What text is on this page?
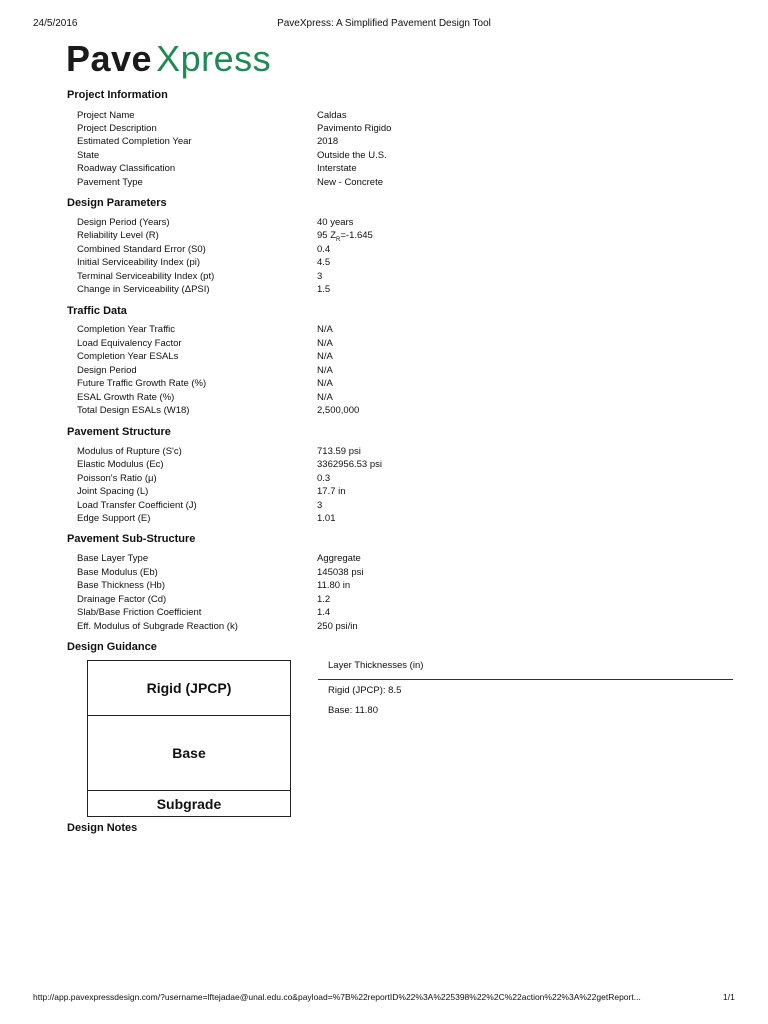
24/5/2016	PaveXpress: A Simplified Pavement Design Tool
Pave Xpress
Project Information
Project Name	Caldas
Project Description	Pavimento Rigido
Estimated Completion Year	2018
State	Outside the U.S.
Roadway Classification	Interstate
Pavement Type	New - Concrete
Design Parameters
Design Period (Years)	40 years
Reliability Level (R)	95 $Z_R=-1.645$
Combined Standard Error (S0)	0.4
Initial Serviceability Index (pi)	4.5
Terminal Serviceability Index (pt)	3
Change in Serviceability (ΔPSI)	1.5
Traffic Data
Completion Year Traffic	N/A
Load Equivalency Factor	N/A
Completion Year ESALs	N/A
Design Period	N/A
Future Traffic Growth Rate (%)	N/A
ESAL Growth Rate (%)	N/A
Total Design ESALs (W18)	2,500,000
Pavement Structure
Modulus of Rupture (S'c)	713.59 psi
Elastic Modulus (Ec)	3362956.53 psi
Poisson's Ratio (μ)	0.3
Joint Spacing (L)	17.7 in
Load Transfer Coefficient (J)	3
Edge Support (E)	1.01
Pavement Sub-Structure
Base Layer Type	Aggregate
Base Modulus (Eb)	145038 psi
Base Thickness (Hb)	11.80 in
Drainage Factor (Cd)	1.2
Slab/Base Friction Coefficient	1.4
Eff. Modulus of Subgrade Reaction (k)	250 psi/in
Design Guidance
Rigid (JPCP)
Base
Subgrade
Layer Thicknesses (in)
Rigid (JPCP): 8.5
Base: 11.80
Design Notes
http://app.pavexpressdesign.com/?username=lftejadae@unal.edu.co&payload=%7B%22reportID%22%3A%225398%22%2C%22action%22%3A%22getReport...	1/1
